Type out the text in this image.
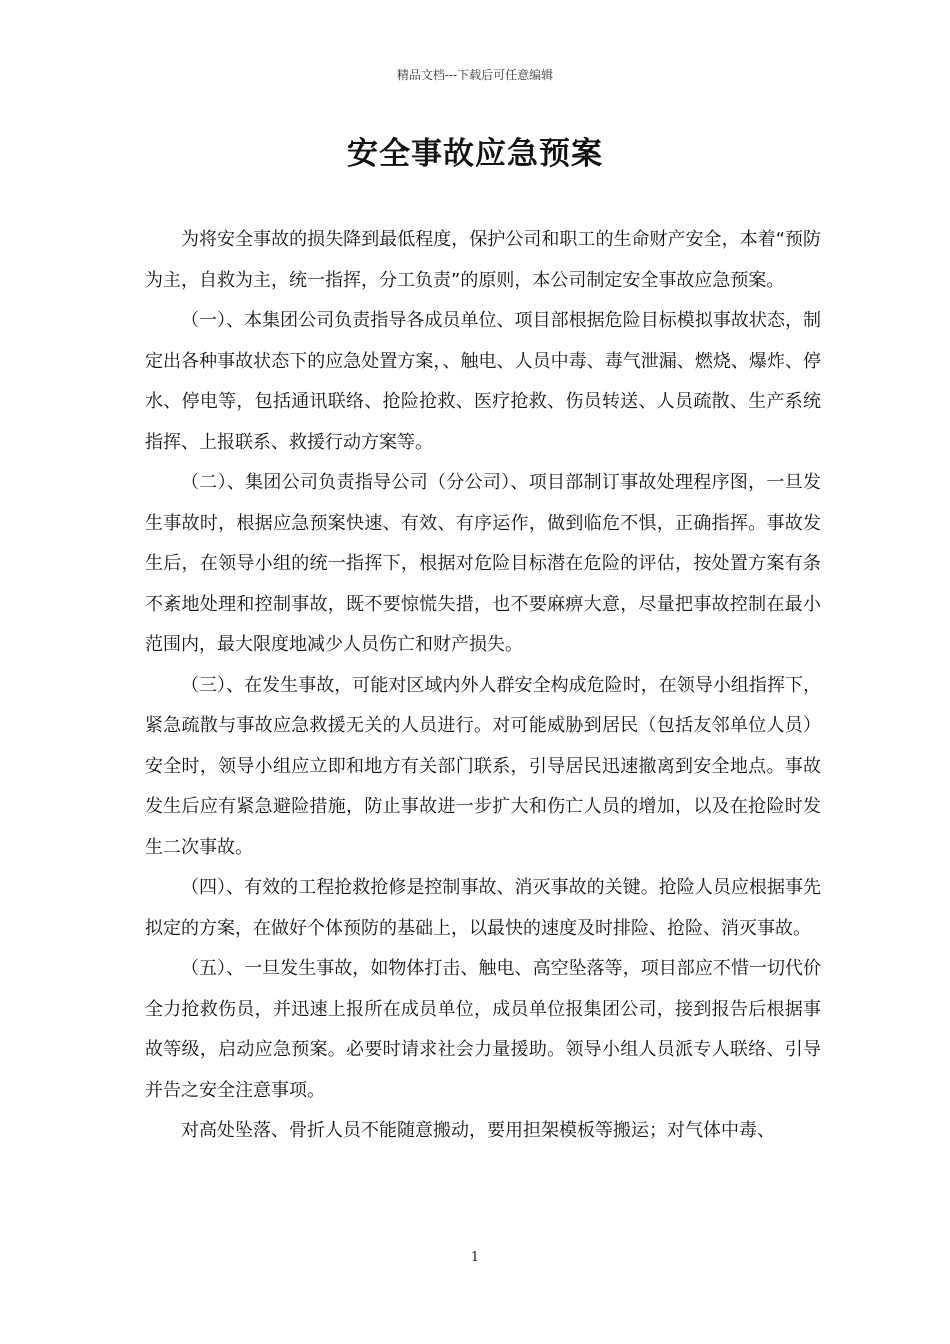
精品文档---下载后可任意编辑
安全事故应急预案

为将安全事故的损失降到最低程度，保护公司和职工的生命财产安全，本着“预防为主，自救为主，统一指挥，分工负责”的原则，本公司制定安全事故应急预案。

（一）、本集团公司负责指导各成员单位、项目部根据危险目标模拟事故状态，制定出各种事故状态下的应急处置方案，、触电、人员中毒、毒气泄漏、燃烧、爆炸、停水、停电等，包括通讯联络、抢险抢救、医疗抢救、伤员转送、人员疏散、生产系统指挥、上报联系、救援行动方案等。

（二）、集团公司负责指导公司（分公司）、项目部制订事故处理程序图，一旦发生事故时，根据应急预案快速、有效、有序运作，做到临危不惧，正确指挥。事故发生后，在领导小组的统一指挥下，根据对危险目标潜在危险的评估，按处置方案有条不紊地处理和控制事故，既不要惊慌失措，也不要麻痹大意，尽量把事故控制在最小范围内，最大限度地减少人员伤亡和财产损失。

（三）、在发生事故，可能对区域内外人群安全构成危险时，在领导小组指挥下，紧急疏散与事故应急救援无关的人员进行。对可能威胁到居民（包括友邻单位人员）安全时，领导小组应立即和地方有关部门联系，引导居民迅速撤离到安全地点。事故发生后应有紧急避险措施，防止事故进一步扩大和伤亡人员的增加，以及在抢险时发生二次事故。

（四）、有效的工程抢救抢修是控制事故、消灭事故的关键。抢险人员应根据事先拟定的方案，在做好个体预防的基础上，以最快的速度及时排险、抢险、消灭事故。

（五）、一旦发生事故，如物体打击、触电、高空坠落等，项目部应不惜一切代价全力抢救伤员，并迅速上报所在成员单位，成员单位报集团公司，接到报告后根据事故等级，启动应急预案。必要时请求社会力量援助。领导小组人员派专人联络、引导并告之安全注意事项。

对高处坠落、骨折人员不能随意搬动，要用担架模板等搬运；对气体中毒、

1
